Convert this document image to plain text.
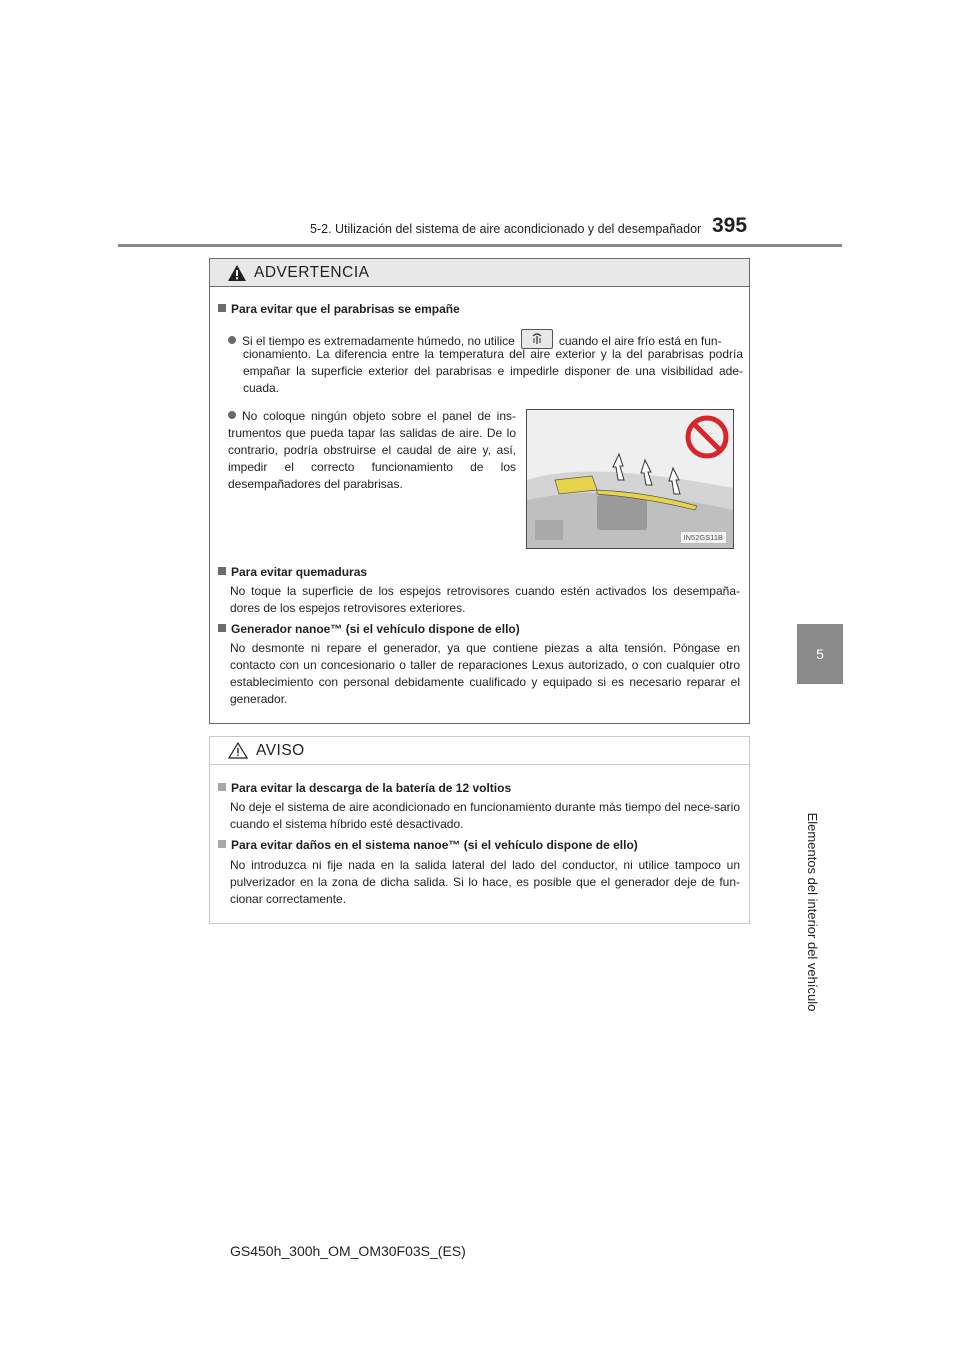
5-2. Utilización del sistema de aire acondicionado y del desempañador 395
5
Elementos del interior del vehículo
ADVERTENCIA
Para evitar que el parabrisas se empañe
Si el tiempo es extremadamente húmedo, no utilice	cuando el aire frío está en fun-
cionamiento. La diferencia entre la temperatura del aire exterior y la del parabrisas podría empañar la superficie exterior del parabrisas e impedirle disponer de una visibilidad ade-cuada.
No coloque ningún objeto sobre el panel de ins-trumentos que pueda tapar las salidas de aire. De lo contrario, podría obstruirse el caudal de aire y, así, impedir el correcto funcionamiento de los desempañadores del parabrisas.
IN52GS11B
Para evitar quemaduras
No toque la superficie de los espejos retrovisores cuando estén activados los desempaña-dores de los espejos retrovisores exteriores.
Generador nanoe™ (si el vehículo dispone de ello)
No desmonte ni repare el generador, ya que contiene piezas a alta tensión. Póngase en contacto con un concesionario o taller de reparaciones Lexus autorizado, o con cualquier otro establecimiento con personal debidamente cualificado y equipado si es necesario reparar el generador.
AVISO
Para evitar la descarga de la batería de 12 voltios
No deje el sistema de aire acondicionado en funcionamiento durante más tiempo del nece-sario cuando el sistema híbrido esté desactivado.
Para evitar daños en el sistema nanoe™ (si el vehículo dispone de ello)
No introduzca ni fije nada en la salida lateral del lado del conductor, ni utilice tampoco un pulverizador en la zona de dicha salida. Si lo hace, es posible que el generador deje de fun-cionar correctamente.
GS450h_300h_OM_OM30F03S_(ES)
